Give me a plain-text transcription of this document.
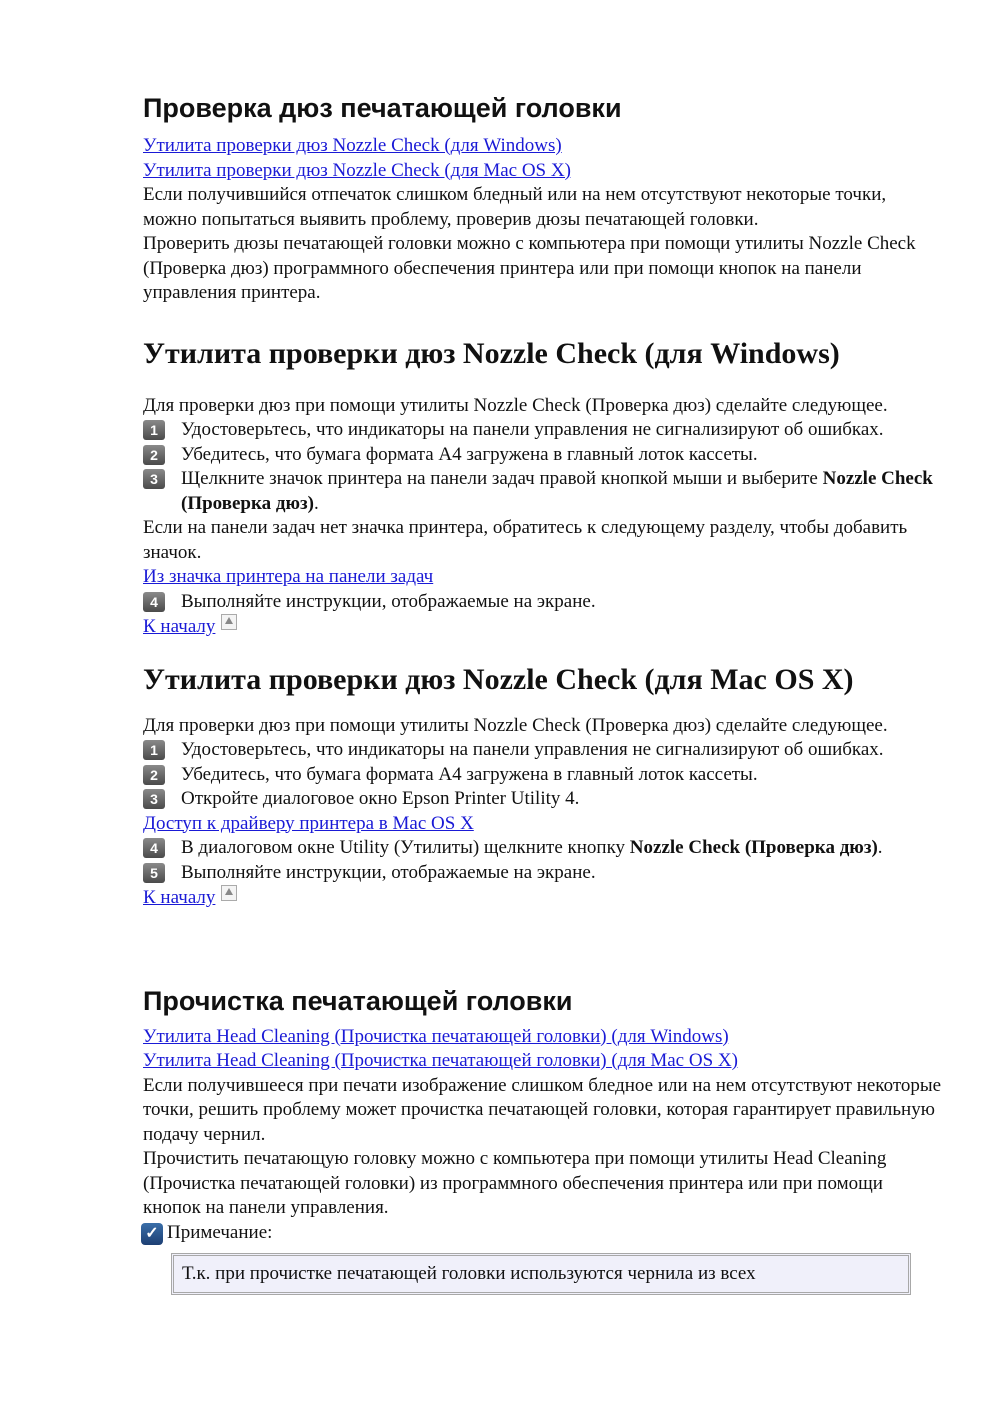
Проверка дюз печатающей головки
Утилита проверки дюз Nozzle Check (для Windows)
Утилита проверки дюз Nozzle Check (для Mac OS X)

Если получившийся отпечаток слишком бледный или на нем отсутствуют некоторые точки, можно попытаться выявить проблему, проверив дюзы печатающей головки.

Проверить дюзы печатающей головки можно с компьютера при помощи утилиты Nozzle Check (Проверка дюз) программного обеспечения принтера или при помощи кнопок на панели управления принтера.

Утилита проверки дюз Nozzle Check (для Windows)

Для проверки дюз при помощи утилиты Nozzle Check (Проверка дюз) сделайте следующее.

1	Удостоверьтесь, что индикаторы на панели управления не сигнализируют об ошибках.
2	Убедитесь, что бумага формата A4 загружена в главный лоток кассеты.
3	Щелкните значок принтера на панели задач правой кнопкой мыши и выберите Nozzle Check (Проверка дюз).

Если на панели задач нет значка принтера, обратитесь к следующему разделу, чтобы добавить значок.

Из значка принтера на панели задач
4	Выполняйте инструкции, отображаемые на экране.
К началу
Утилита проверки дюз Nozzle Check (для Mac OS X)

Для проверки дюз при помощи утилиты Nozzle Check (Проверка дюз) сделайте следующее.

1	Удостоверьтесь, что индикаторы на панели управления не сигнализируют об ошибках.
2	Убедитесь, что бумага формата A4 загружена в главный лоток кассеты.
3	Откройте диалоговое окно Epson Printer Utility 4.
Доступ к драйверу принтера в Mac OS X
4	В диалоговом окне Utility (Утилиты) щелкните кнопку Nozzle Check (Проверка дюз).
5	Выполняйте инструкции, отображаемые на экране.
К началу
Прочистка печатающей головки
Утилита Head Cleaning (Прочистка печатающей головки) (для Windows)
Утилита Head Cleaning (Прочистка печатающей головки) (для Mac OS X)

Если получившееся при печати изображение слишком бледное или на нем отсутствуют некоторые точки, решить проблему может прочистка печатающей головки, которая гарантирует правильную подачу чернил.

Прочистить печатающую головку можно с компьютера при помощи утилиты Head Cleaning (Прочистка печатающей головки) из программного обеспечения принтера или при помощи кнопок на панели управления.

✓ Примечание:
Т.к. при прочистке печатающей головки используются чернила из всех
